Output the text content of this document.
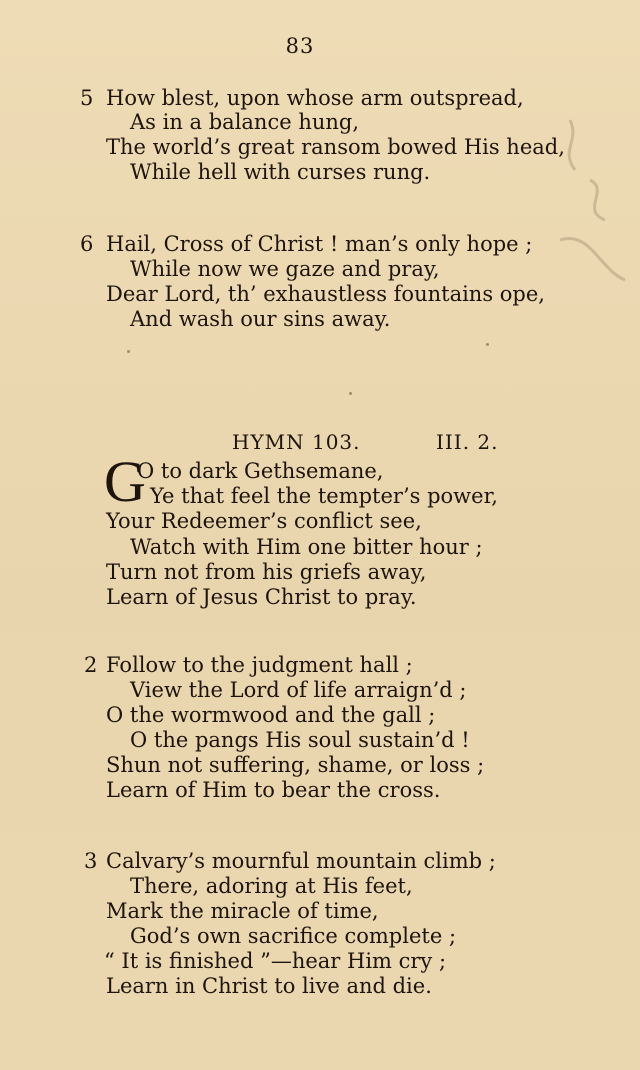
83
5 How blest, upon whose arm outspread,
As in a balance hung,
The world’s great ransom bowed His head,
While hell with curses rung.
6 Hail, Cross of Christ ! man’s only hope ;
While now we gaze and pray,
Dear Lord, th’ exhaustless fountains ope,
And wash our sins away.
HYMN 103.	III. 2.
G
O to dark Gethsemane,
Ye that feel the tempter’s power,
Your Redeemer’s conflict see,
Watch with Him one bitter hour ;
Turn not from his griefs away,
Learn of Jesus Christ to pray.
2 Follow to the judgment hall ;
View the Lord of life arraign’d ;
O the wormwood and the gall ;
O the pangs His soul sustain’d !
Shun not suffering, shame, or loss ;
Learn of Him to bear the cross.
3 Calvary’s mournful mountain climb ;
There, adoring at His feet,
Mark the miracle of time,
God’s own sacrifice complete ;
“ It is finished ”—hear Him cry ;
Learn in Christ to live and die.
